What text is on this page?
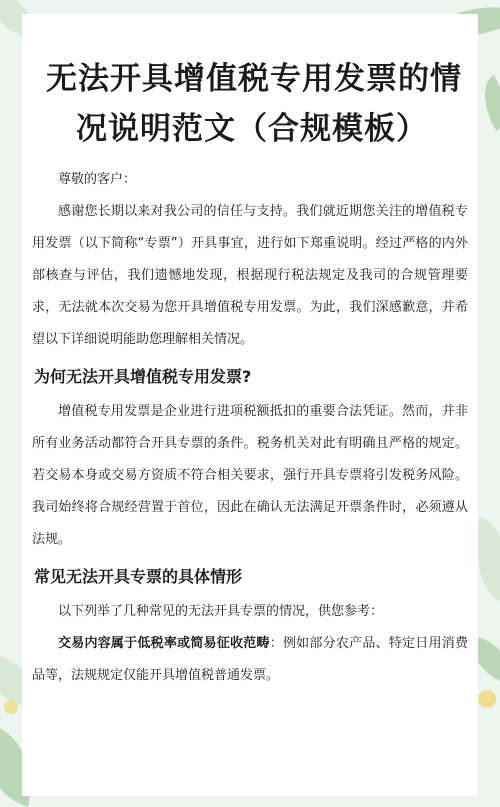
无法开具增值税专用发票的情
况说明范文（合规模板）

尊敬的客户：

感谢您长期以来对我公司的信任与支持。我们就近期您关注的增值税专用发票（以下简称“专票”）开具事宜，进行如下郑重说明。经过严格的内外部核查与评估，我们遗憾地发现，根据现行税法规定及我司的合规管理要求，无法就本次交易为您开具增值税专用发票。为此，我们深感歉意，并希望以下详细说明能助您理解相关情况。

为何无法开具增值税专用发票?

增值税专用发票是企业进行进项税额抵扣的重要合法凭证。然而，并非所有业务活动都符合开具专票的条件。税务机关对此有明确且严格的规定。若交易本身或交易方资质不符合相关要求，强行开具专票将引发税务风险。我司始终将合规经营置于首位，因此在确认无法满足开票条件时，必须遵从法规。

常见无法开具专票的具体情形

以下列举了几种常见的无法开具专票的情况，供您参考：

交易内容属于低税率或简易征收范畴：例如部分农产品、特定日用消费品等，法规规定仅能开具增值税普通发票。
